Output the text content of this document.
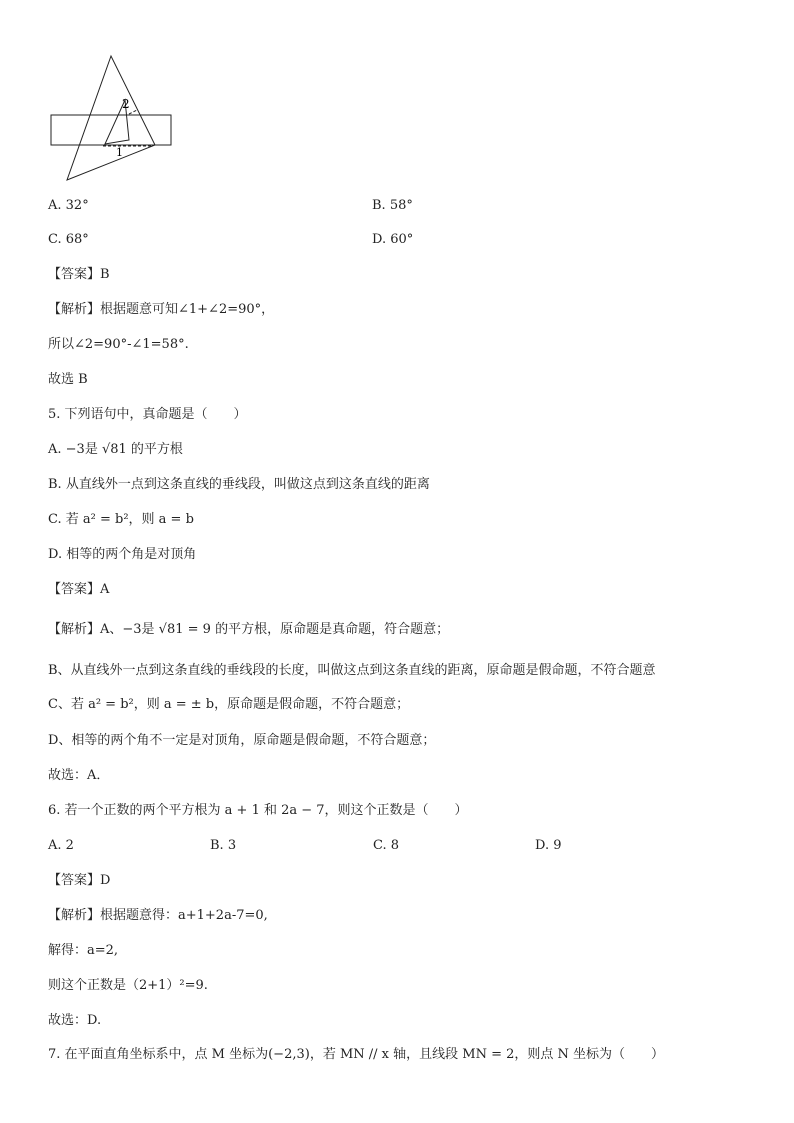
2
1
A. 32°	B. 58°
C. 68°	D. 60°

【答案】B

【解析】根据题意可知∠1+∠2=90°，

所以∠2=90°-∠1=58°.

故选 B

5. 下列语句中，真命题是（　　）

A. −3是 √81 的平方根

B. 从直线外一点到这条直线的垂线段，叫做这点到这条直线的距离

C. 若 a² = b²，则 a = b

D. 相等的两个角是对顶角

【答案】A

【解析】A、−3是 √81 = 9 的平方根，原命题是真命题，符合题意；

B、从直线外一点到这条直线的垂线段的长度，叫做这点到这条直线的距离，原命题是假命题，不符合题意

C、若 a² = b²，则 a = ± b，原命题是假命题，不符合题意；

D、相等的两个角不一定是对顶角，原命题是假命题，不符合题意；

故选：A．

6. 若一个正数的两个平方根为 a + 1 和 2a − 7，则这个正数是（　　）

A. 2	B. 3	C. 8	D. 9

【答案】D

【解析】根据题意得：a+1+2a-7=0,

解得：a=2,

则这个正数是（2+1）²=9.

故选：D.

7. 在平面直角坐标系中，点 M 坐标为(−2,3)，若 MN // x 轴，且线段 MN = 2，则点 N 坐标为（　　）
